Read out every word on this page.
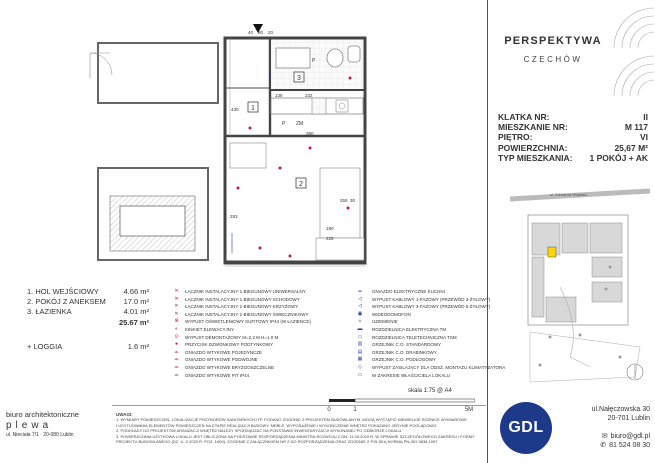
1
2
3
ZM
P
P
40 80 20
138	232
380
430
283
180
225
255 30
PERSPEKTYWA
CZECHÓW
KLATKA NR:	II
MIESZKANIE NR:	M 117
PIĘTRO:	VI
POWIERZCHNIA:	25,67 M²
TYP MIESZKANIA: 1 POKÓJ + AK
ul. Edwarda Wojtasa
GDL
ul.Nałęczowska 30
20-701 Lublin
✉ biuro@gdl.pl
✆ 81 524 08 30
1. HOL WEJŚCIOWY	4.66 m²
2. POKÓJ Z ANEKSEM	17.0 m²
3. ŁAZIENKA	4.01 m²
25.67 m²
+ LOGGIA	1.6 m²
✕	ŁĄCZNIK INSTALACYJNY 1-BIEGUNOWY UNIWERSALNY
✕	ŁĄCZNIK INSTALACYJNY 1-BIEGUNOWY SCHODOWY
✕	ŁĄCZNIK INSTALACYJNY 1-BIEGUNOWY KRZYŻOWY
✕	ŁĄCZNIK INSTALACYJNY 1-BIEGUNOWY ŚWIECZNIKOWY
⊗	WYPUST OŚWIETLENIOWY SUFITOWY IP44 (W ŁAZIENCE)
◐	KINKIET ELEWACYJNY
⊙	WYPUST DEMONTAŻOWY M=2,2 M H=1,0 M
●	PRZYCISK DZWONKOWY PODTYNKOWY
⌓	GNIAZDO WTYKOWE POJEDYNCZE
⌓	GNIAZDO WTYKOWE PODWÓJNE
⌓	GNIAZDO WTYKOWE BRYZGOSZCZELNE
⌓	GNIAZDO WTYKOWE PIT IP44
⌓	GNIAZDO ELEKTRYCZNE KUCHNI
◁	WYPUST KABLOWY 1-FAZOWY (PRZEWÓD 3-ŻYŁOWY)
◁	WYPUST KABLOWY 3-FAZOWY (PRZEWÓD 5-ŻYŁOWY)
▣	WIDEODOMOFON
⏚	UZIEMIENIE
▬	ROZDZIELNICA ELEKTRYCZNA TM
▭	ROZDZIELNICA TELETECHNICZNA TSM
▥	GRZEJNIK C.O. STANDARDOWY
▤	GRZEJNIK C.O. DRABINKOWY
▦	GRZEJNIK C.O. PODŁOGOWY
◇	WYPUST ZASILAJĄCY DLA ODSZ. MONTAŻU KLIMATYZATORA
▭	W ZAKRESIE WŁAŚCICIELA LOKALU
skala 1:75 @ A4
0	1	5M
biuro architektoniczne
plewa
ul. Nieciała 7/1 · 20-080 Lublin
UWAGI:
1. WYMIARY POMIESZCZEŃ, LOKALIZACJE PRZYBORÓW SANITARNYCH ITP. PODANO ZGODNIE Z PROJEKTEM BUDOWLANYM. MOGĄ WYSTĄPIĆ NIEWIELKIE RÓŻNICE WYMIAROWE
I USYTUOWANIA ELEMENTÓW POMIESZCZEŃ NA ETAPIE REALIZACJI BUDOWY. MEBLE, WYPOSAŻENIE I WYKOŃCZENIE WNĘTRZ POKAZANO JEDYNIE POGLĄDOWO.
2. PODKŁADY DO PROJEKTÓW ARANŻACJI WNĘTRZ NALEŻY SPORZĄDZAĆ NA PODSTAWIE INWENTARYZACJI WYKONANEJ PO ODBIORZE LOKALU.
3. POWIERZCHNIA UŻYTKOWA LOKALU JEST OBLICZONA NA PODSTAWIE ROZPORZĄDZENIA MINISTRA ROZWOJU Z DN. 11.09.2020 R. W SPRAWIE SZCZEGÓŁOWEGO ZAKRESU I FORMY
PROJEKTU BUDOWLANEGO (DZ. U. Z 2020 R. POZ. 1609), ZGODNIE Z ZAŁĄCZNIKIEM NR 2 DO ROZPORZĄDZENIA ORAZ ZGODNIE Z POLSKĄ NORMĄ PN-ISO 9836:1997.
